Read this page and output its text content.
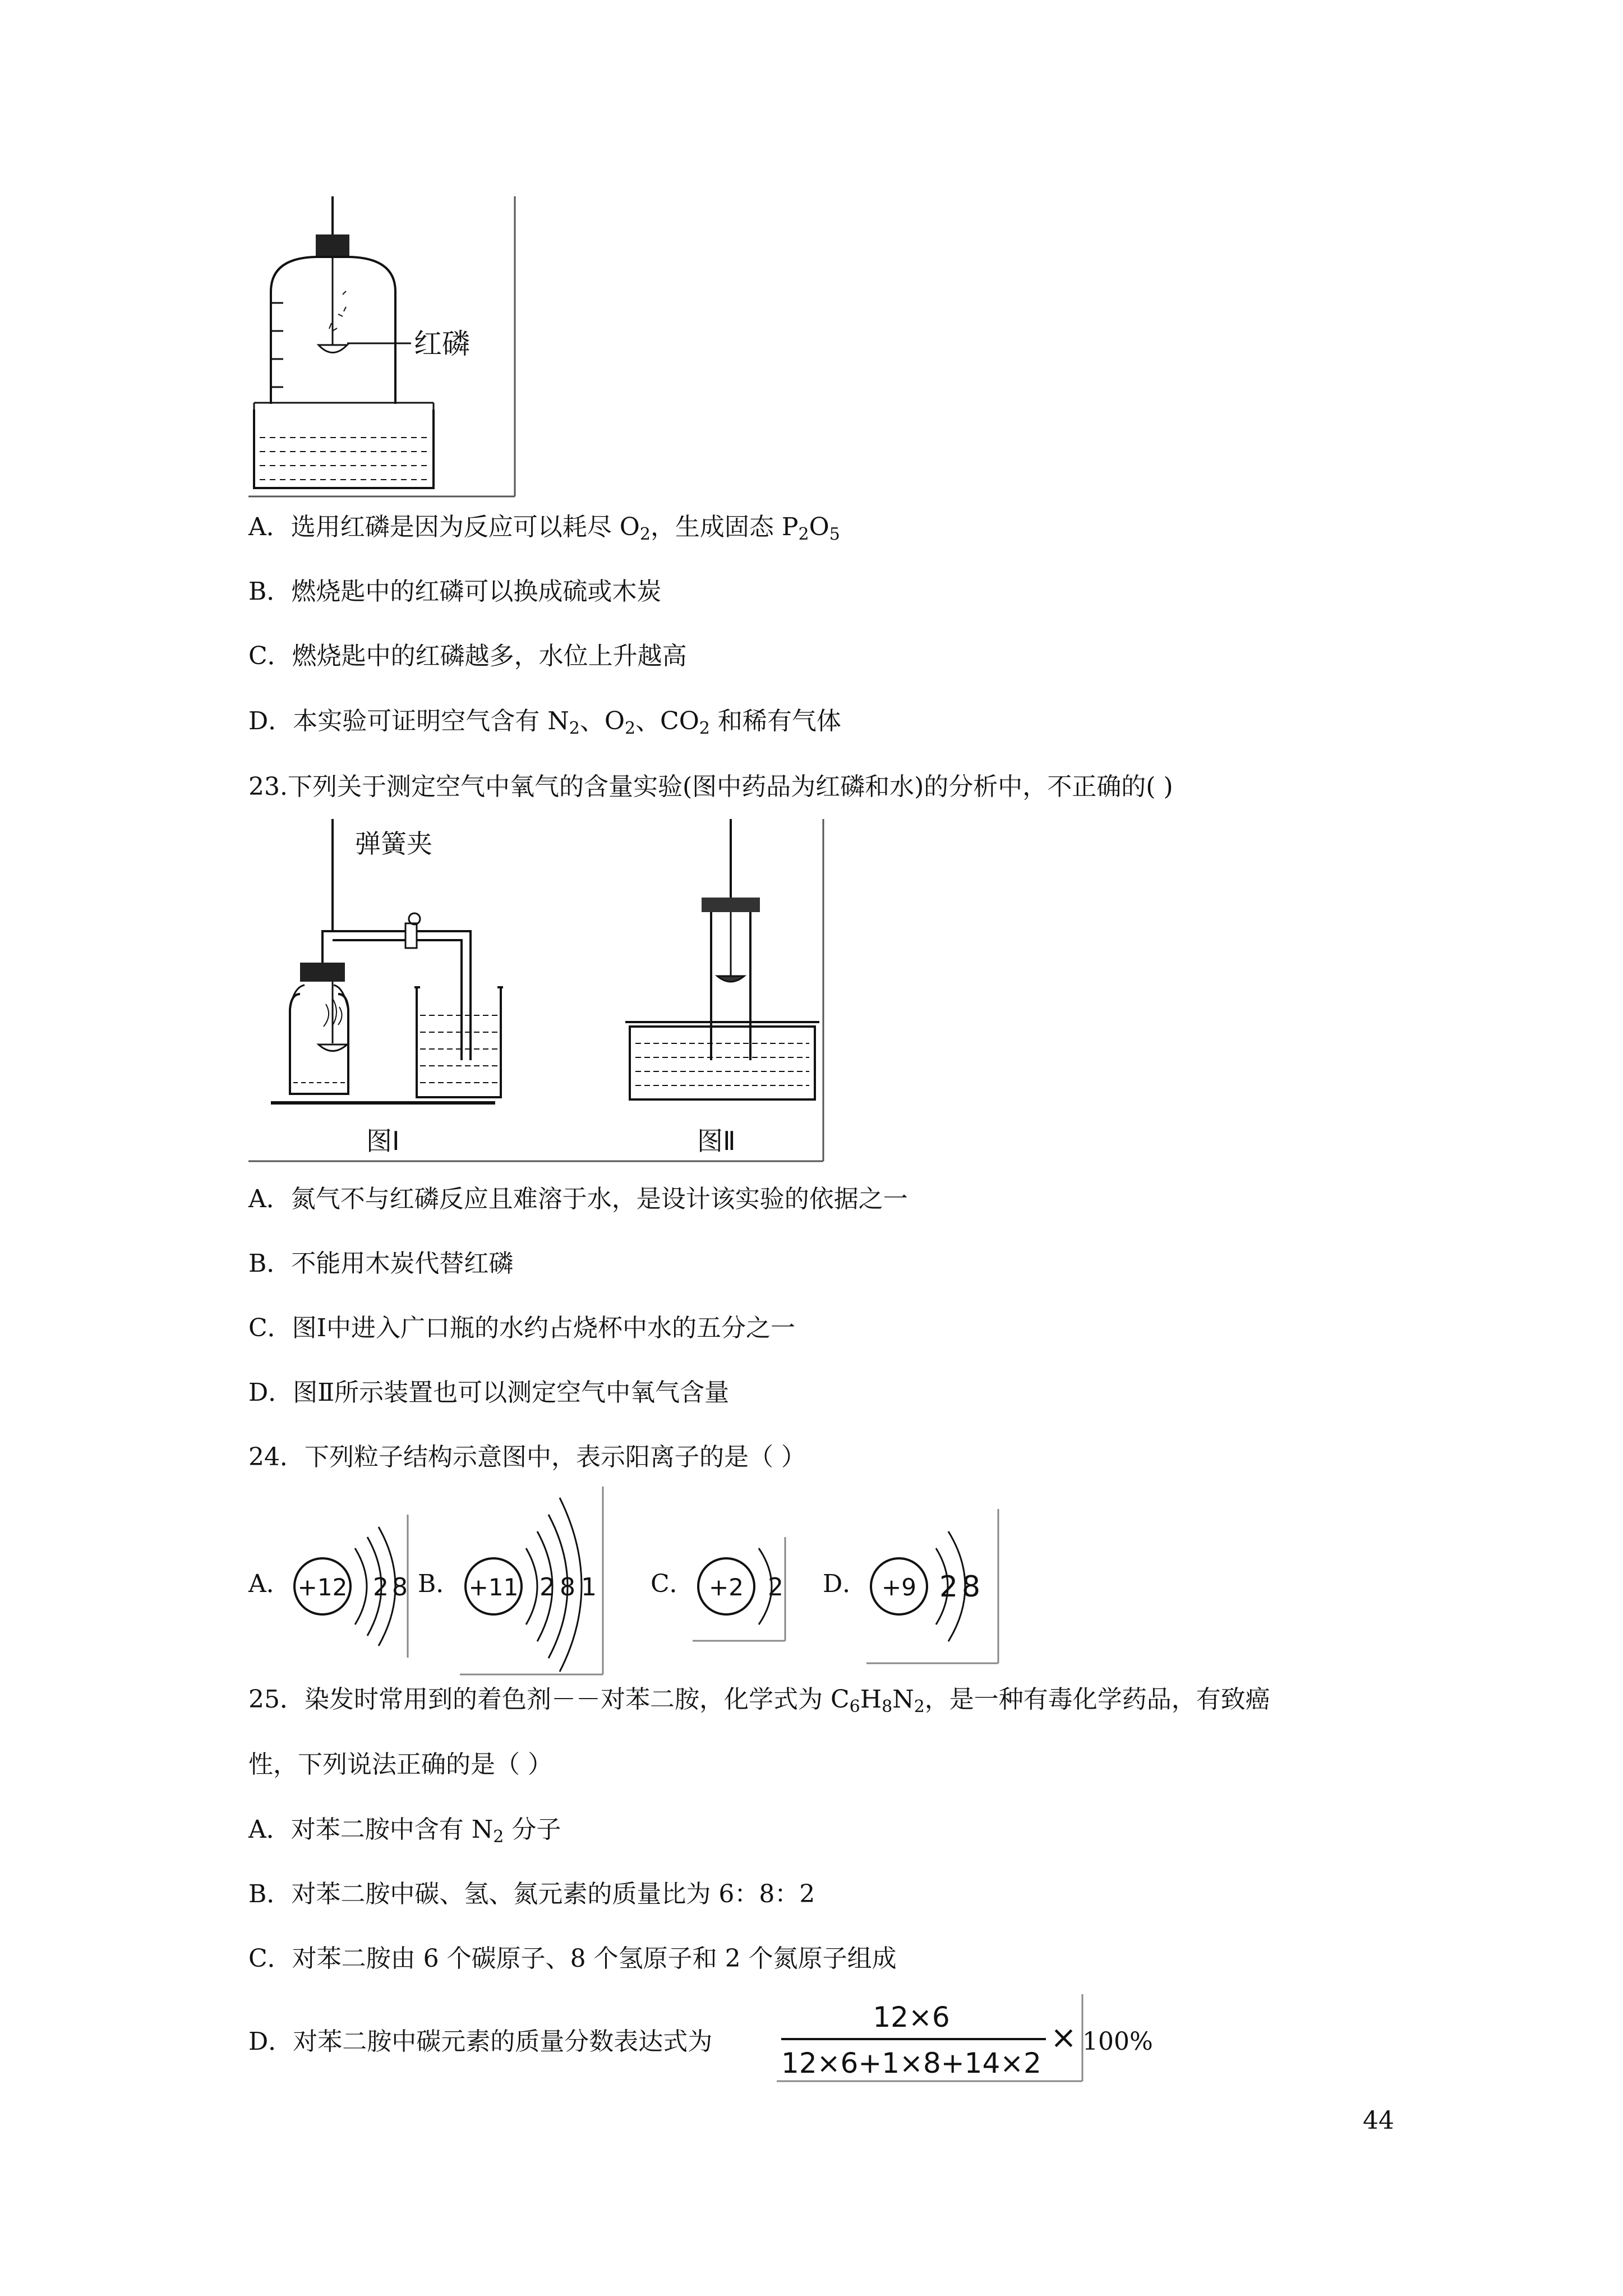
红磷
A．选用红磷是因为反应可以耗尽 $O_2$，生成固态 $P_2O_5$
B．燃烧匙中的红磷可以换成硫或木炭
C．燃烧匙中的红磷越多，水位上升越高
D．本实验可证明空气含有 $N_2$、$O_2$、$CO_2$ 和稀有气体
23.下列关于测定空气中氧气的含量实验(图中药品为红磷和水)的分析中，不正确的( )
弹簧夹
图Ⅰ	图Ⅱ
A．氮气不与红磷反应且难溶于水，是设计该实验的依据之一
B．不能用木炭代替红磷
C．图Ⅰ中进入广口瓶的水约占烧杯中水的五分之一
D．图Ⅱ所示装置也可以测定空气中氧气含量
24．下列粒子结构示意图中，表示阳离子的是（ ）
A． +12 2 8 B． +11 2 8 1 C． +2 2 D． +9 2 8
25．染发时常用到的着色剂－－对苯二胺，化学式为 $C_6H_8N_2$，是一种有毒化学药品，有致癌
性，下列说法正确的是（ ）
A．对苯二胺中含有 $N_2$ 分子
B．对苯二胺中碳、氢、氮元素的质量比为 6：8：2
C．对苯二胺由 6 个碳原子、8 个氢原子和 2 个氮原子组成
D．对苯二胺中碳元素的质量分数表达式为
12×6
12×6+1×8+14×2
× 100%
44
